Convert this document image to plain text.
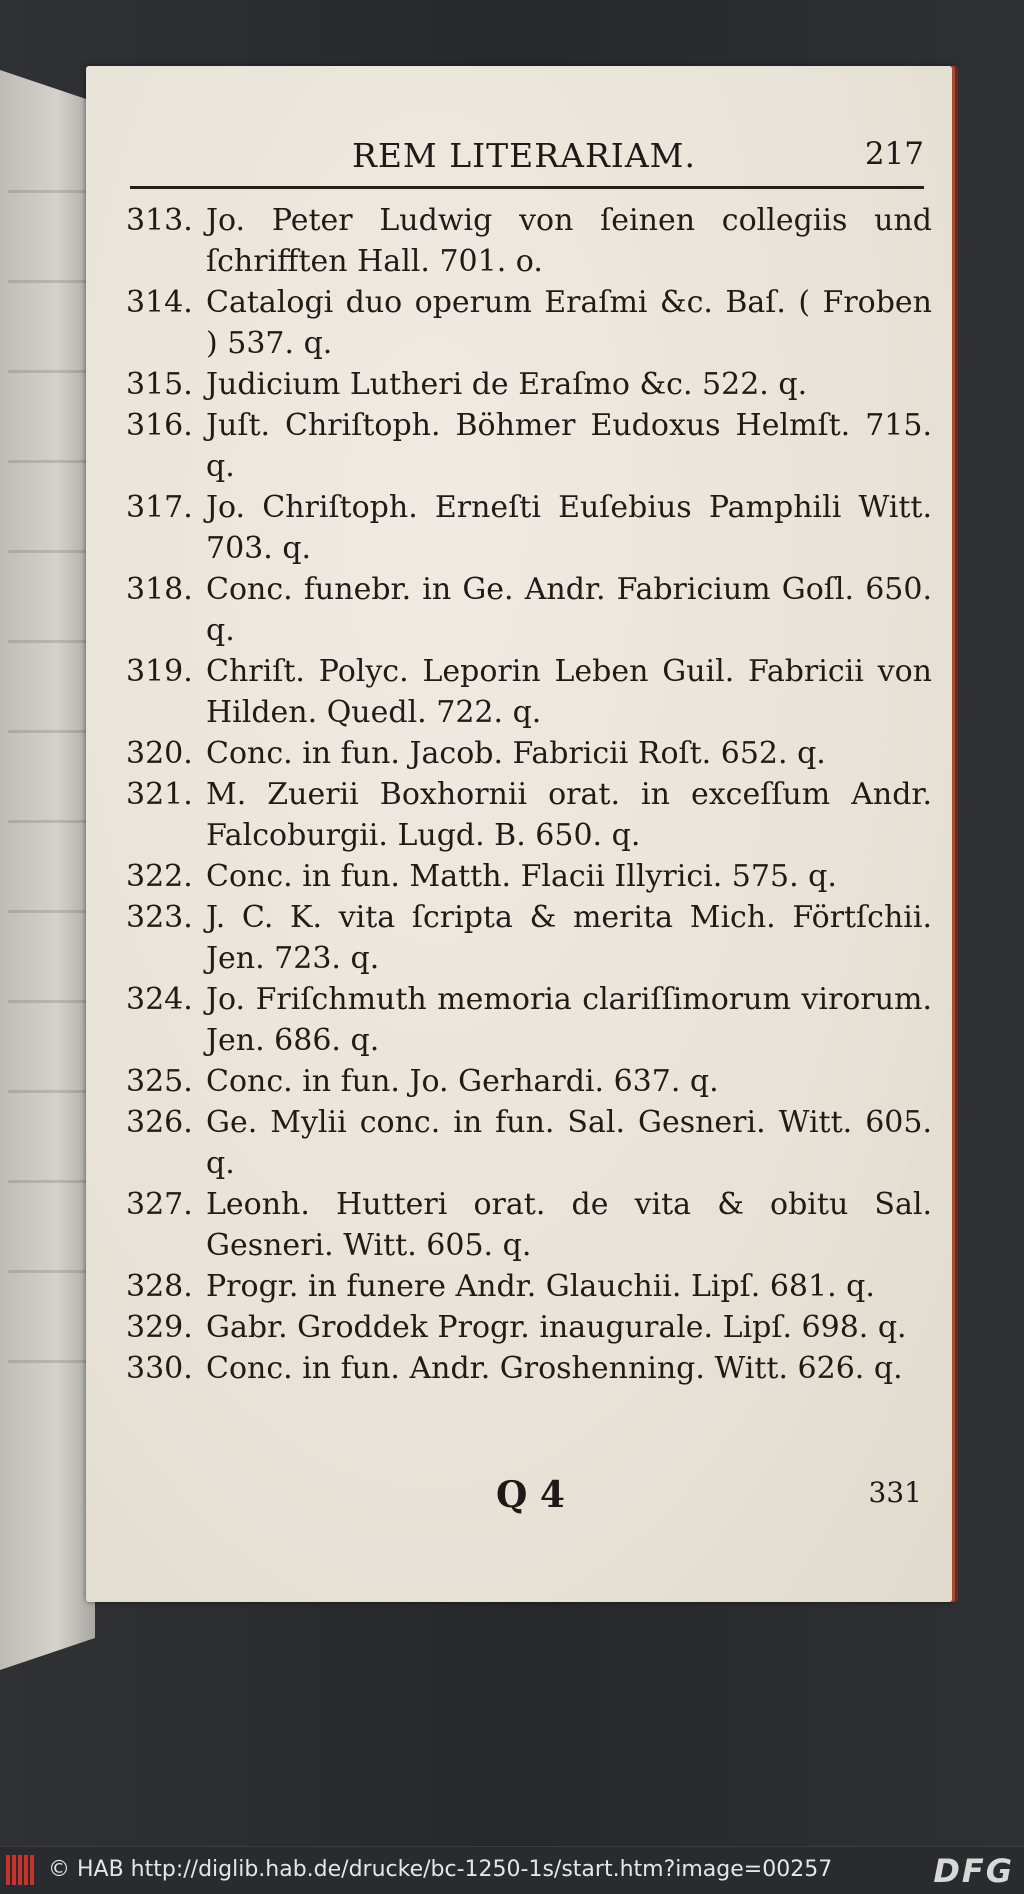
REM LITERARIAM.	217
313. Jo. Peter Ludwig von ſeinen collegiis und ſchrifften Hall. 701. o.
314. Catalogi duo operum Eraſmi &c. Baſ. ( Froben ) 537. q.
315. Judicium Lutheri de Eraſmo &c. 522. q.
316. Juſt. Chriſtoph. Böhmer Eudoxus Helmſt. 715. q.
317. Jo. Chriſtoph. Erneſti Euſebius Pamphili Witt. 703. q.
318. Conc. funebr. in Ge. Andr. Fabricium Goſl. 650. q.
319. Chriſt. Polyc. Leporin Leben Guil. Fabricii von Hilden. Quedl. 722. q.
320. Conc. in fun. Jacob. Fabricii Roſt. 652. q.
321. M. Zuerii Boxhornii orat. in exceſſum Andr. Falcoburgii. Lugd. B. 650. q.
322. Conc. in fun. Matth. Flacii Illyrici. 575. q.
323. J. C. K. vita ſcripta & merita Mich. Förtſchii. Jen. 723. q.
324. Jo. Friſchmuth memoria clariſſimorum virorum. Jen. 686. q.
325. Conc. in fun. Jo. Gerhardi. 637. q.
326. Ge. Mylii conc. in fun. Sal. Gesneri. Witt. 605. q.
327. Leonh. Hutteri orat. de vita & obitu Sal. Gesneri. Witt. 605. q.
328. Progr. in funere Andr. Glauchii. Lipſ. 681. q.
329. Gabr. Groddek Progr. inaugurale. Lipſ. 698. q.
330. Conc. in fun. Andr. Groshenning. Witt. 626. q.
Q 4	331
© HAB http://diglib.hab.de/drucke/bc-1250-1s/start.htm?image=00257	DFG
